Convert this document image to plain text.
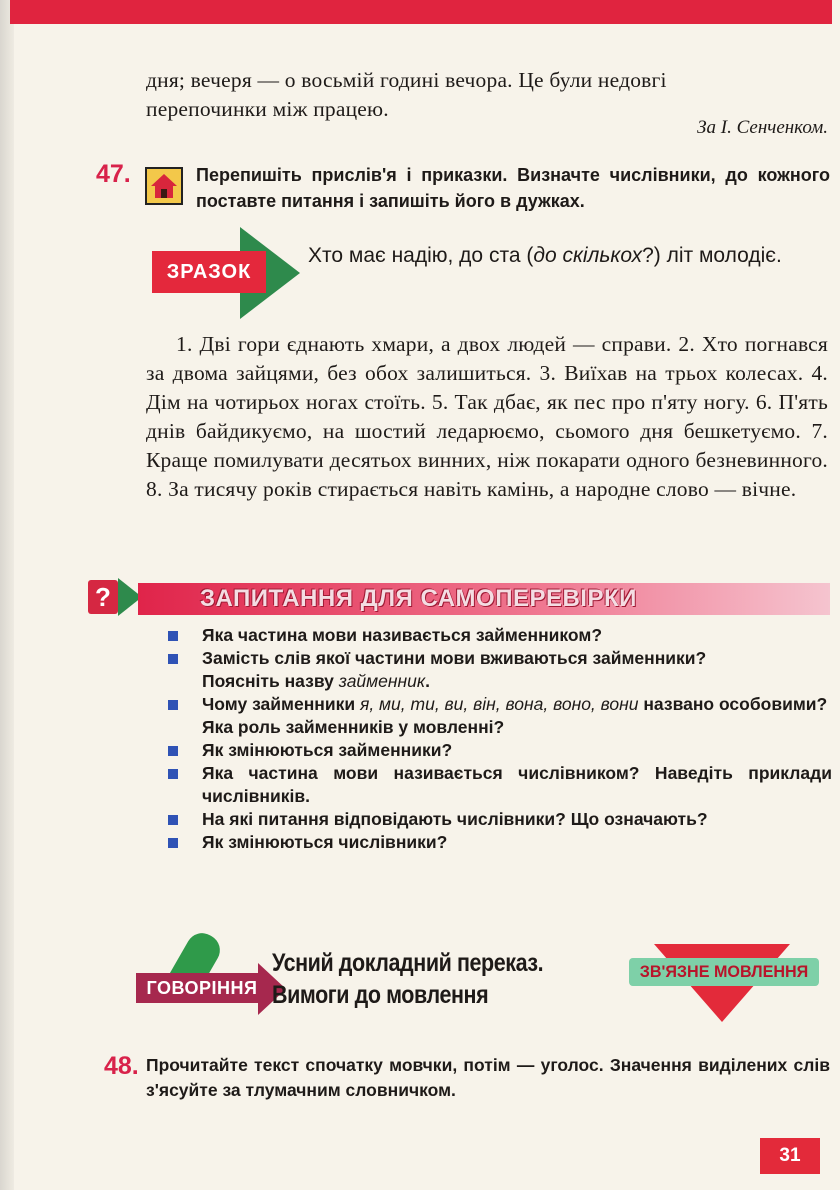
дня; вечеря — о восьмій годині вечора. Це були недовгі

перепочинки між працею.

За І. Сенченком.
47.	Перепишіть прислів'я і приказки. Визначте числівники, до кожного поставте питання і запишіть його в дужках.
ЗРАЗОК
Хто має надію, до ста (до скількох?) літ молодіє.

1. Дві гори єднають хмари, а двох людей — справи. 2. Хто погнався за двома зайцями, без обох залишиться. 3. Виїхав на трьох колесах. 4. Дім на чотирьох ногах стоїть. 5. Так дбає, як пес про п'яту ногу. 6. П'ять днів байдикуємо, на шостий ледарюємо, сьомого дня бешкетуємо. 7. Краще помилувати десятьох винних, ніж покарати одного безневинного. 8. За тисячу років стирається навіть камінь, а народне слово — вічне.

?	ЗАПИТАННЯ ДЛЯ САМОПЕРЕВІРКИ
Яка частина мови називається займенником?
Замість слів якої частини мови вживаються займенники?
Поясніть назву займенник.
Чому займенники я, ми, ти, ви, він, вона, воно, вони названо особовими?
Яка роль займенників у мовленні?
Як змінюються займенники?
Яка частина мови називається числівником? Наведіть приклади числівників.
На які питання відповідають числівники? Що означають?
Як змінюються числівники?
ГОВОРІННЯ
Усний докладний переказ.
Вимоги до мовлення
ЗВ'ЯЗНЕ МОВЛЕННЯ
48. Прочитайте текст спочатку мовчки, потім — уголос. Значення виділених слів з'ясуйте за тлумачним словничком.
31
